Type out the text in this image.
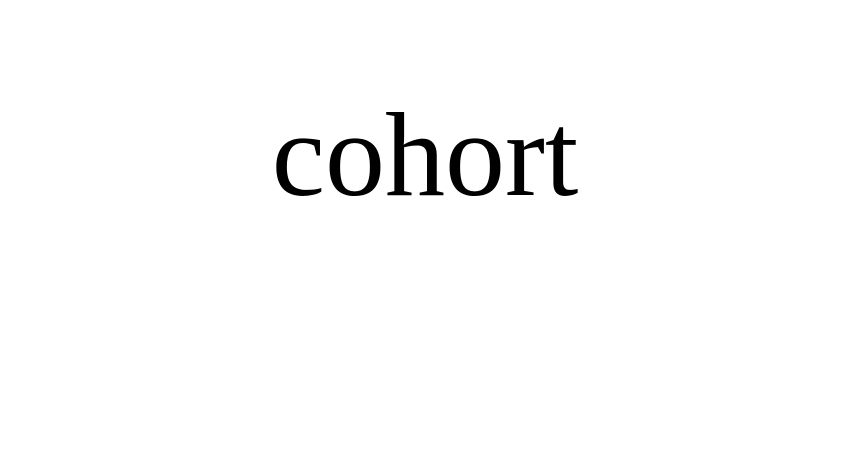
cohort
